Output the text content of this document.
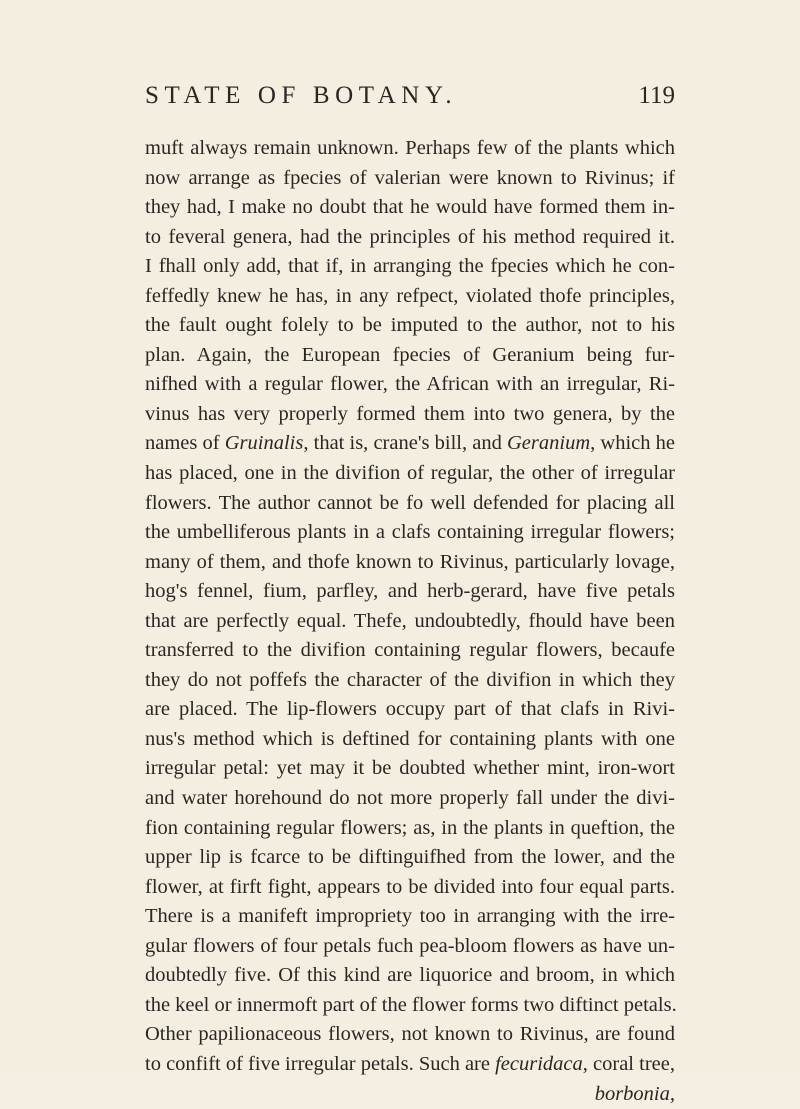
STATE OF BOTANY.	119
muft always remain unknown. Perhaps few of the plants which
now arrange as fpecies of valerian were known to Rivinus; if
they had, I make no doubt that he would have formed them in-
to feveral genera, had the principles of his method required it.
I fhall only add, that if, in arranging the fpecies which he con-
feffedly knew he has, in any refpect, violated thofe principles,
the fault ought folely to be imputed to the author, not to his
plan. Again, the European fpecies of Geranium being fur-
nifhed with a regular flower, the African with an irregular, Ri-
vinus has very properly formed them into two genera, by the
names of Gruinalis, that is, crane's bill, and Geranium, which he
has placed, one in the divifion of regular, the other of irregular
flowers. The author cannot be fo well defended for placing all
the umbelliferous plants in a clafs containing irregular flowers;
many of them, and thofe known to Rivinus, particularly lovage,
hog's fennel, fium, parfley, and herb-gerard, have five petals
that are perfectly equal. Thefe, undoubtedly, fhould have been
transferred to the divifion containing regular flowers, becaufe
they do not poffefs the character of the divifion in which they
are placed. The lip-flowers occupy part of that clafs in Rivi-
nus's method which is deftined for containing plants with one
irregular petal: yet may it be doubted whether mint, iron-wort
and water horehound do not more properly fall under the divi-
fion containing regular flowers; as, in the plants in queftion, the
upper lip is fcarce to be diftinguifhed from the lower, and the
flower, at firft fight, appears to be divided into four equal parts.
There is a manifeft impropriety too in arranging with the irre-
gular flowers of four petals fuch pea-bloom flowers as have un-
doubtedly five. Of this kind are liquorice and broom, in which
the keel or innermoft part of the flower forms two diftinct petals.
Other papilionaceous flowers, not known to Rivinus, are found
to confift of five irregular petals. Such are fecuridaca, coral tree,
borbonia,
